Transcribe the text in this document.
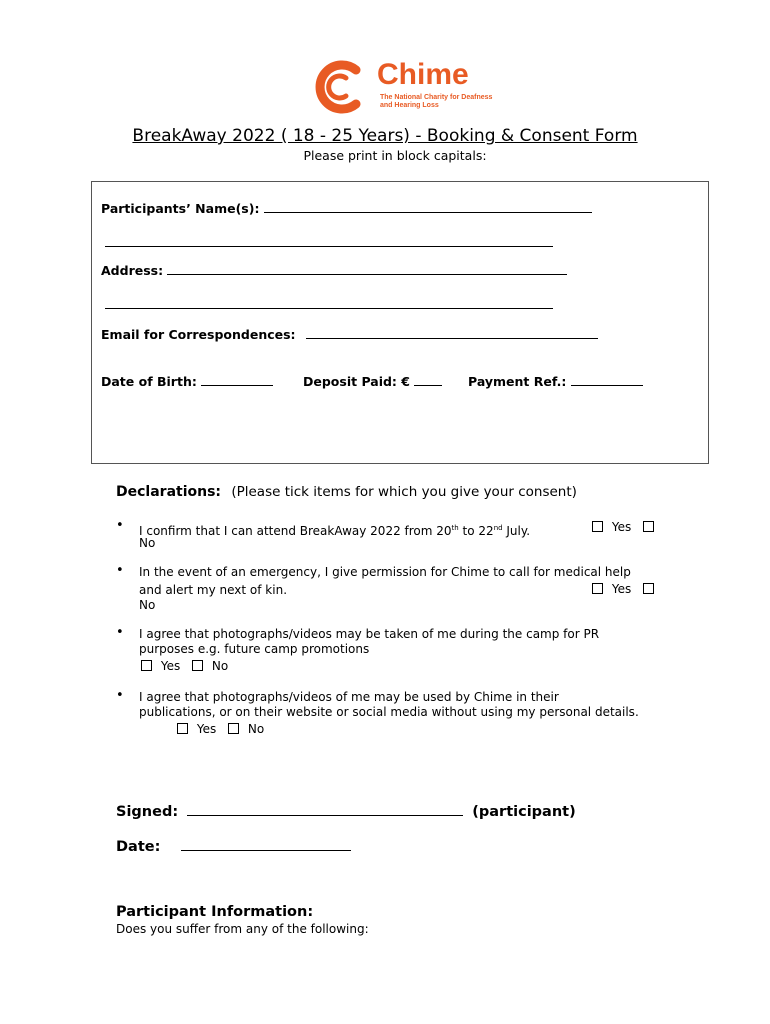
Chime
The National Charity for Deafness and Hearing Loss
BreakAway 2022 ( 18 - 25 Years) - Booking & Consent Form
Please print in block capitals:
Participants’ Name(s):
Address:
Email for Correspondences:
Date of Birth:	Deposit Paid: €	Payment Ref.:
Declarations: (Please tick items for which you give your consent)
• I confirm that I can attend BreakAway 2022 from 20th to 22nd July.	Yes
No
• In the event of an emergency, I give permission for Chime to call for medical help
and alert my next of kin.	Yes
No
• I agree that photographs/videos may be taken of me during the camp for PR
purposes e.g. future camp promotions
Yes	No
• I agree that photographs/videos of me may be used by Chime in their
publications, or on their website or social media without using my personal details.
Yes	No
Signed:	(participant)
Date:
Participant Information:
Does you suffer from any of the following:
